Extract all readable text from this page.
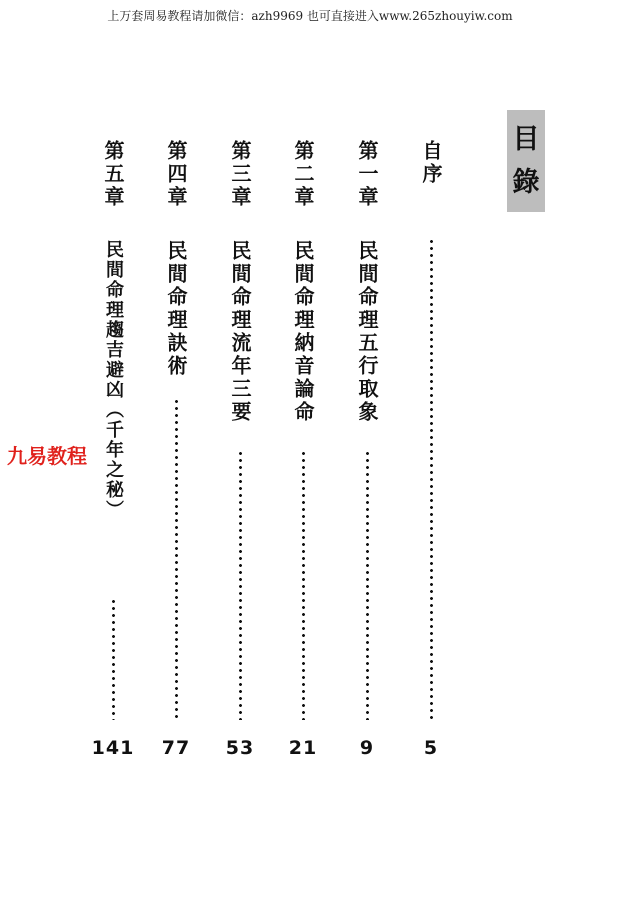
上万套周易教程请加微信：azh9969 也可直接进入www.265zhouyiw.com
目
錄
自序
5
第一章
民間命理五行取象
9
第二章
民間命理納音論命
21
第三章
民間命理流年三要
53
第四章
民間命理訣術
77
第五章
民間命理趨吉避凶（千年之秘）
141
九易教程
